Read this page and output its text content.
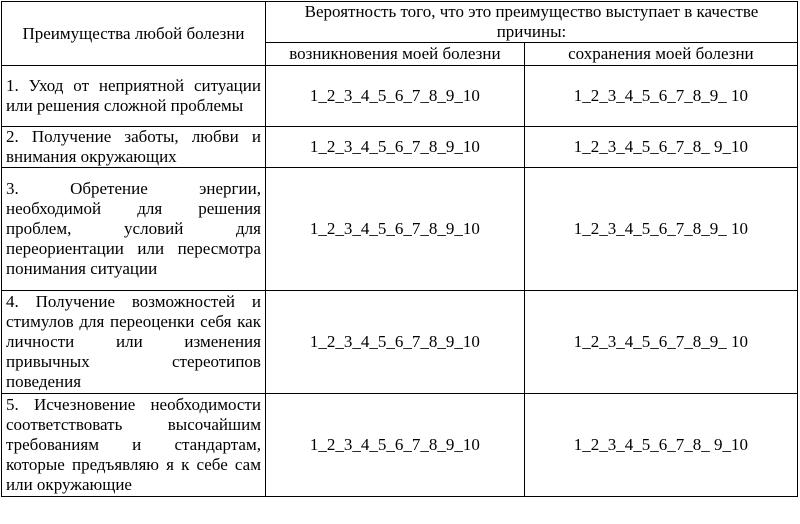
Преимущества любой болезни	Вероятность того, что это преимущество выступает в качестве причины:	
	возникновения моей болезни	сохранения моей болезни
1. Уход от неприятной ситуации или решения сложной проблемы	1_2_3_4_5_6_7_8_9_10	1_2_3_4_5_6_7_8_9_ 10
2. Получение заботы, любви и внимания окружающих	1_2_3_4_5_6_7_8_9_10	1_2_3_4_5_6_7_8_ 9_10
3. Обретение энергии, необходимой для решения проблем, условий для переориентации или пересмотра понимания ситуации	1_2_3_4_5_6_7_8_9_10	1_2_3_4_5_6_7_8_9_ 10
4. Получение возможностей и стимулов для переоценки себя как личности или изменения привычных стереотипов поведения	1_2_3_4_5_6_7_8_9_10	1_2_3_4_5_6_7_8_9_ 10
5. Исчезновение необходимости соответствовать высочайшим требованиям и стандартам, которые предъявляю я к себе сам или окружающие	1_2_3_4_5_6_7_8_9_10	1_2_3_4_5_6_7_8_ 9_10
